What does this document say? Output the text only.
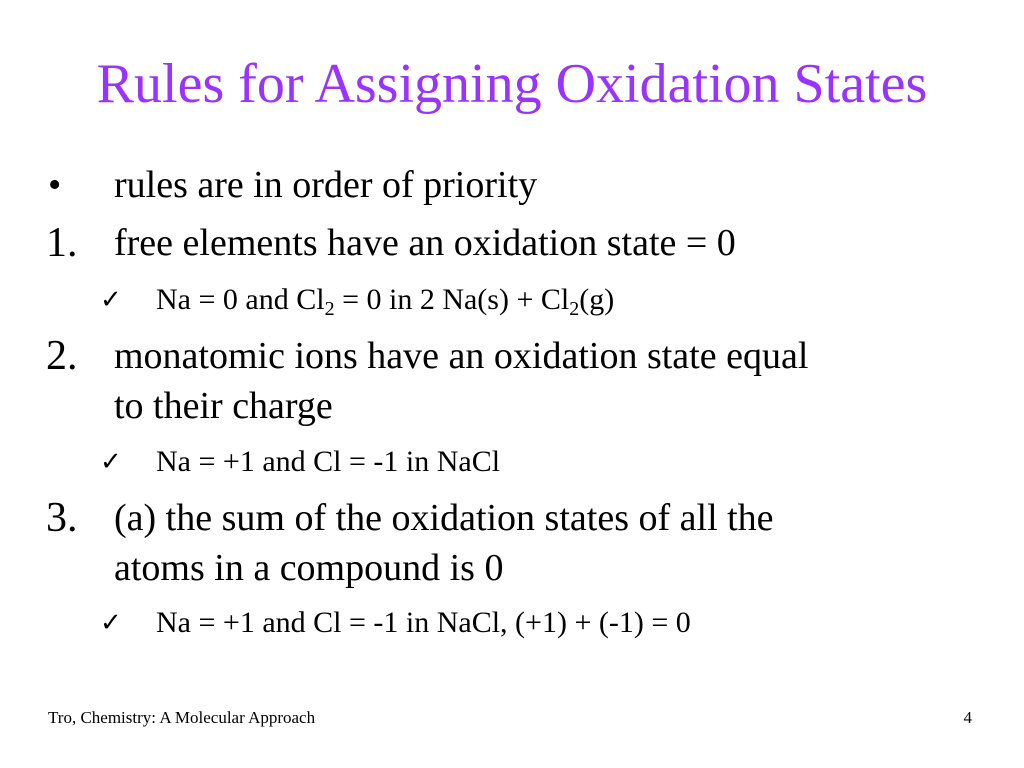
Rules for Assigning Oxidation States
• rules are in order of priority
1. free elements have an oxidation state = 0
✓ Na = 0 and $Cl_2 = 0$ in 2 $Na(s) + Cl_2(g)$
2. monatomic ions have an oxidation state equal
to their charge
✓ Na = +1 and Cl = -1 in NaCl
3. (a) the sum of the oxidation states of all the
atoms in a compound is 0
✓ Na = +1 and Cl = -1 in NaCl, (+1) + (-1) = 0
Tro, Chemistry: A Molecular Approach	4
